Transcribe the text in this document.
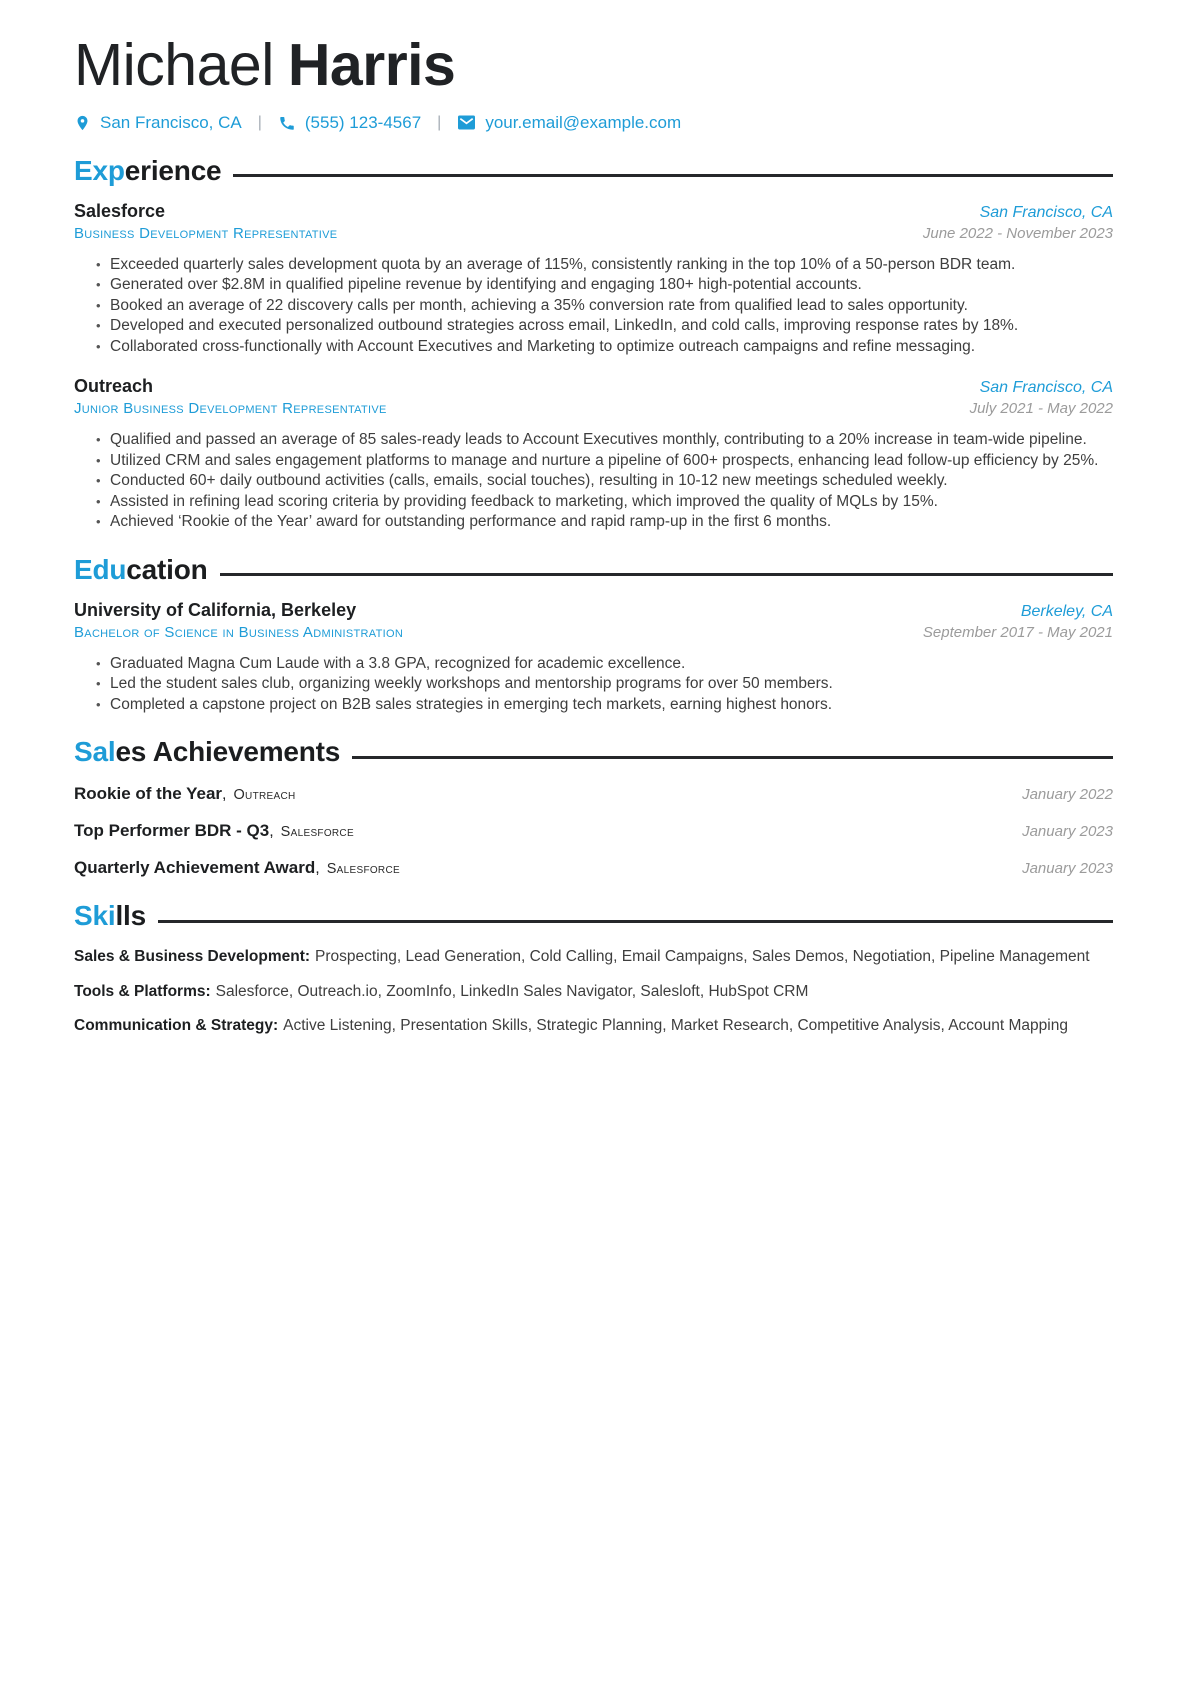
Michael Harris
San Francisco, CA |	(555) 123-4567 |	your.email@example.com
Experience
Salesforce	San Francisco, CA
Business Development Representative	June 2022 - November 2023
• Exceeded quarterly sales development quota by an average of 115%, consistently ranking in the top 10% of a 50-person BDR team.
• Generated over $2.8M in qualified pipeline revenue by identifying and engaging 180+ high-potential accounts.
• Booked an average of 22 discovery calls per month, achieving a 35% conversion rate from qualified lead to sales opportunity.
• Developed and executed personalized outbound strategies across email, LinkedIn, and cold calls, improving response rates by 18%.
• Collaborated cross-functionally with Account Executives and Marketing to optimize outreach campaigns and refine messaging.
Outreach	San Francisco, CA
Junior Business Development Representative	July 2021 - May 2022
• Qualified and passed an average of 85 sales-ready leads to Account Executives monthly, contributing to a 20% increase in team-wide pipeline.
• Utilized CRM and sales engagement platforms to manage and nurture a pipeline of 600+ prospects, enhancing lead follow-up efficiency by 25%.
• Conducted 60+ daily outbound activities (calls, emails, social touches), resulting in 10-12 new meetings scheduled weekly.
• Assisted in refining lead scoring criteria by providing feedback to marketing, which improved the quality of MQLs by 15%.
• Achieved ‘Rookie of the Year’ award for outstanding performance and rapid ramp-up in the first 6 months.
Education
University of California, Berkeley	Berkeley, CA
Bachelor of Science in Business Administration	September 2017 - May 2021
• Graduated Magna Cum Laude with a 3.8 GPA, recognized for academic excellence.
• Led the student sales club, organizing weekly workshops and mentorship programs for over 50 members.
• Completed a capstone project on B2B sales strategies in emerging tech markets, earning highest honors.
Sales Achievements
Rookie of the Year , Outreach	January 2022
Top Performer BDR - Q3 , Salesforce	January 2023
Quarterly Achievement Award , Salesforce	January 2023
Skills
Sales & Business Development: Prospecting, Lead Generation, Cold Calling, Email Campaigns, Sales Demos, Negotiation, Pipeline Management
Tools & Platforms: Salesforce, Outreach.io, ZoomInfo, LinkedIn Sales Navigator, Salesloft, HubSpot CRM
Communication & Strategy: Active Listening, Presentation Skills, Strategic Planning, Market Research, Competitive Analysis, Account Mapping
